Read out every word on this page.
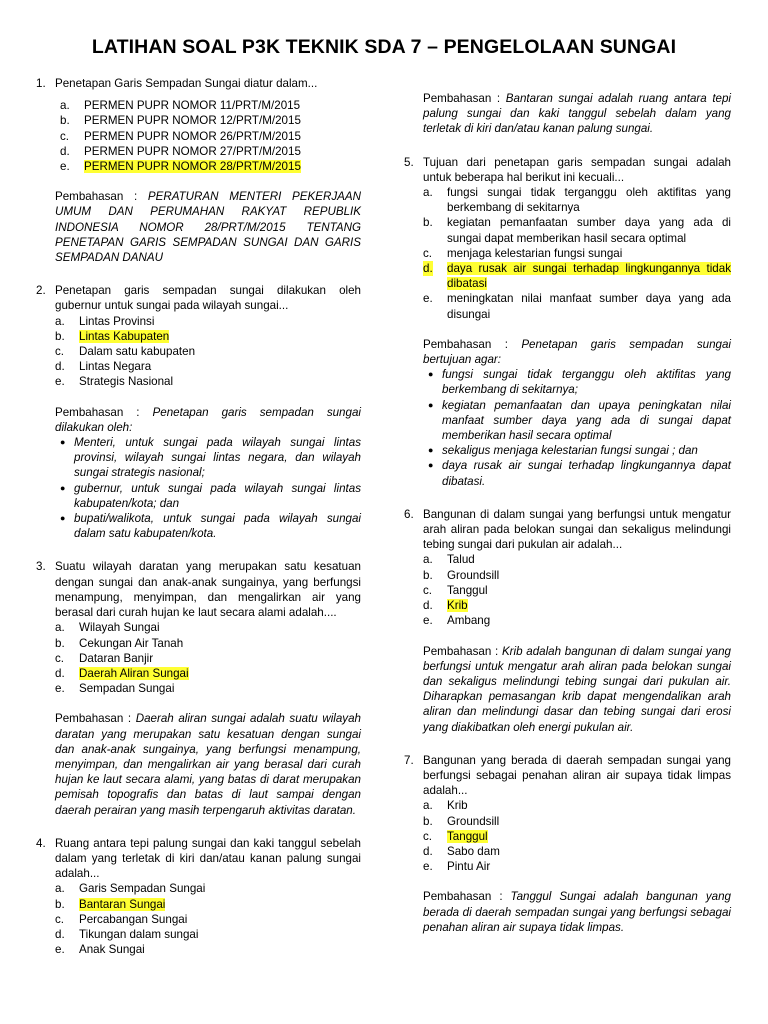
LATIHAN SOAL P3K TEKNIK SDA 7 – PENGELOLAAN SUNGAI
1. Penetapan Garis Sempadan Sungai diatur dalam...
a. PERMEN PUPR NOMOR 11/PRT/M/2015
b. PERMEN PUPR NOMOR 12/PRT/M/2015
c. PERMEN PUPR NOMOR 26/PRT/M/2015
d. PERMEN PUPR NOMOR 27/PRT/M/2015
e. PERMEN PUPR NOMOR 28/PRT/M/2015
Pembahasan : PERATURAN MENTERI PEKERJAAN UMUM DAN PERUMAHAN RAKYAT REPUBLIK INDONESIA NOMOR 28/PRT/M/2015 TENTANG PENETAPAN GARIS SEMPADAN SUNGAI DAN GARIS SEMPADAN DANAU
2. Penetapan garis sempadan sungai dilakukan oleh gubernur untuk sungai pada wilayah sungai...
a. Lintas Provinsi
b. Lintas Kabupaten
c. Dalam satu kabupaten
d. Lintas Negara
e. Strategis Nasional
Pembahasan : Penetapan garis sempadan sungai dilakukan oleh:
● Menteri, untuk sungai pada wilayah sungai lintas provinsi, wilayah sungai lintas negara, dan wilayah sungai strategis nasional;
● gubernur, untuk sungai pada wilayah sungai lintas kabupaten/kota; dan
● bupati/walikota, untuk sungai pada wilayah sungai dalam satu kabupaten/kota.
3. Suatu wilayah daratan yang merupakan satu kesatuan dengan sungai dan anak-anak sungainya, yang berfungsi menampung, menyimpan, dan mengalirkan air yang berasal dari curah hujan ke laut secara alami adalah....
a. Wilayah Sungai
b. Cekungan Air Tanah
c. Dataran Banjir
d. Daerah Aliran Sungai
e. Sempadan Sungai
Pembahasan : Daerah aliran sungai adalah suatu wilayah daratan yang merupakan satu kesatuan dengan sungai dan anak-anak sungainya, yang berfungsi menampung, menyimpan, dan mengalirkan air yang berasal dari curah hujan ke laut secara alami, yang batas di darat merupakan pemisah topografis dan batas di laut sampai dengan daerah perairan yang masih terpengaruh aktivitas daratan.
4. Ruang antara tepi palung sungai dan kaki tanggul sebelah dalam yang terletak di kiri dan/atau kanan palung sungai adalah...
a. Garis Sempadan Sungai
b. Bantaran Sungai
c. Percabangan Sungai
d. Tikungan dalam sungai
e. Anak Sungai
Pembahasan : Bantaran sungai adalah ruang antara tepi palung sungai dan kaki tanggul sebelah dalam yang terletak di kiri dan/atau kanan palung sungai.
5. Tujuan dari penetapan garis sempadan sungai adalah untuk beberapa hal berikut ini kecuali...
a. fungsi sungai tidak terganggu oleh aktifitas yang berkembang di sekitarnya
b. kegiatan pemanfaatan sumber daya yang ada di sungai dapat memberikan hasil secara optimal
c. menjaga kelestarian fungsi sungai
d. daya rusak air sungai terhadap lingkungannya tidak dibatasi
e. meningkatan nilai manfaat sumber daya yang ada disungai
Pembahasan : Penetapan garis sempadan sungai bertujuan agar:
● fungsi sungai tidak terganggu oleh aktifitas yang berkembang di sekitarnya;
● kegiatan pemanfaatan dan upaya peningkatan nilai manfaat sumber daya yang ada di sungai dapat memberikan hasil secara optimal
● sekaligus menjaga kelestarian fungsi sungai ; dan
● daya rusak air sungai terhadap lingkungannya dapat dibatasi.
6. Bangunan di dalam sungai yang berfungsi untuk mengatur arah aliran pada belokan sungai dan sekaligus melindungi tebing sungai dari pukulan air adalah...
a. Talud
b. Groundsill
c. Tanggul
d. Krib
e. Ambang
Pembahasan : Krib adalah bangunan di dalam sungai yang berfungsi untuk mengatur arah aliran pada belokan sungai dan sekaligus melindungi tebing sungai dari pukulan air. Diharapkan pemasangan krib dapat mengendalikan arah aliran dan melindungi dasar dan tebing sungai dari erosi yang diakibatkan oleh energi pukulan air.
7. Bangunan yang berada di daerah sempadan sungai yang berfungsi sebagai penahan aliran air supaya tidak limpas adalah...
a. Krib
b. Groundsill
c. Tanggul
d. Sabo dam
e. Pintu Air
Pembahasan : Tanggul Sungai adalah bangunan yang berada di daerah sempadan sungai yang berfungsi sebagai penahan aliran air supaya tidak limpas.
